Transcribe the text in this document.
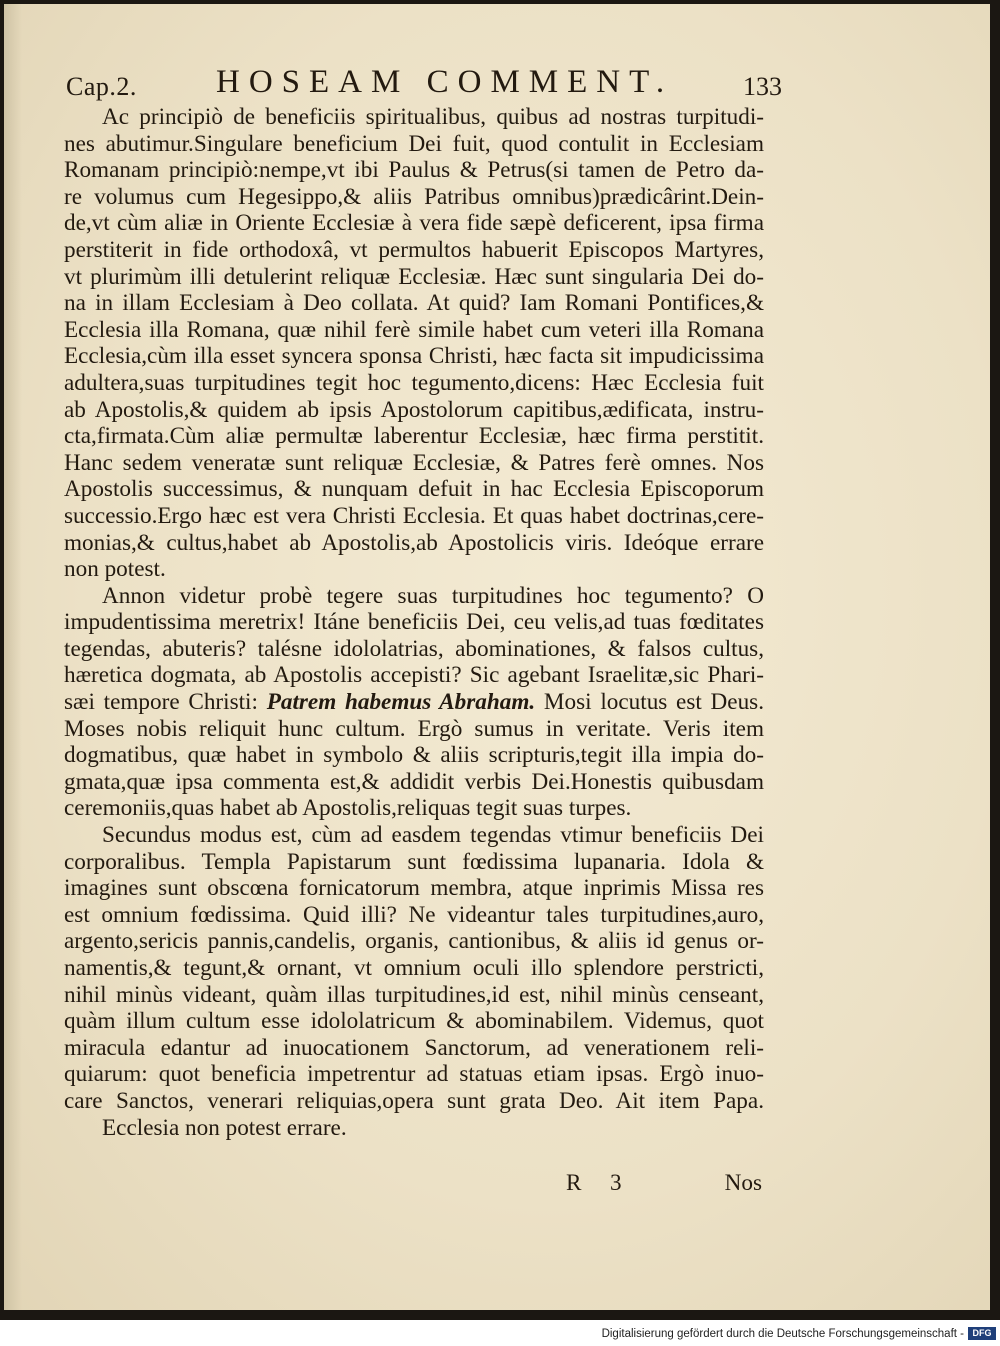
Cap.2. HOSEAM COMMENT.	133
Ac principiò de beneficiis spiritualibus, quibus ad nostras turpitudi-
nes abutimur.Singulare beneficium Dei fuit, quod contulit in Ecclesiam
Romanam principiò:nempe,vt ibi Paulus & Petrus(si tamen de Petro da-
re volumus cum Hegesippo,& aliis Patribus omnibus)prædicârint.Dein-
de,vt cùm aliæ in Oriente Ecclesiæ à vera fide sæpè deficerent, ipsa firma
perstiterit in fide orthodoxâ, vt permultos habuerit Episcopos Martyres,
vt plurimùm illi detulerint reliquæ Ecclesiæ. Hæc sunt singularia Dei do-
na in illam Ecclesiam à Deo collata. At quid? Iam Romani Pontifices,&
Ecclesia illa Romana, quæ nihil ferè simile habet cum veteri illa Romana
Ecclesia,cùm illa esset syncera sponsa Christi, hæc facta sit impudicissima
adultera,suas turpitudines tegit hoc tegumento,dicens: Hæc Ecclesia fuit
ab Apostolis,& quidem ab ipsis Apostolorum capitibus,ædificata, instru-
cta,firmata.Cùm aliæ permultæ laberentur Ecclesiæ, hæc firma perstitit.
Hanc sedem veneratæ sunt reliquæ Ecclesiæ, & Patres ferè omnes. Nos
Apostolis successimus, & nunquam defuit in hac Ecclesia Episcoporum
successio.Ergo hæc est vera Christi Ecclesia. Et quas habet doctrinas,cere-
monias,& cultus,habet ab Apostolis,ab Apostolicis viris. Ideóque errare
non potest.
Annon videtur probè tegere suas turpitudines hoc tegumento? O
impudentissima meretrix! Itáne beneficiis Dei, ceu velis,ad tuas fœditates
tegendas, abuteris? talésne idololatrias, abominationes, & falsos cultus,
hæretica dogmata, ab Apostolis accepisti? Sic agebant Israelitæ,sic Phari-
sæi tempore Christi: Patrem habemus Abraham. Mosi locutus est Deus.
Moses nobis reliquit hunc cultum. Ergò sumus in veritate. Veris item
dogmatibus, quæ habet in symbolo & aliis scripturis,tegit illa impia do-
gmata,quæ ipsa commenta est,& addidit verbis Dei.Honestis quibusdam
ceremoniis,quas habet ab Apostolis,reliquas tegit suas turpes.
Secundus modus est, cùm ad easdem tegendas vtimur beneficiis Dei
corporalibus. Templa Papistarum sunt fœdissima lupanaria. Idola &
imagines sunt obscœna fornicatorum membra, atque inprimis Missa res
est omnium fœdissima. Quid illi? Ne videantur tales turpitudines,auro,
argento,sericis pannis,candelis, organis, cantionibus, & aliis id genus or-
namentis,& tegunt,& ornant, vt omnium oculi illo splendore perstricti,
nihil minùs videant, quàm illas turpitudines,id est, nihil minùs censeant,
quàm illum cultum esse idololatricum & abominabilem. Videmus, quot
miracula edantur ad inuocationem Sanctorum, ad venerationem reli-
quiarum: quot beneficia impetrentur ad statuas etiam ipsas. Ergò inuo-
care Sanctos, venerari reliquias,opera sunt grata Deo. Ait item Papa.
Ecclesia non potest errare.
R 3	Nos
Digitalisierung gefördert durch die Deutsche Forschungsgemeinschaft - DFG
